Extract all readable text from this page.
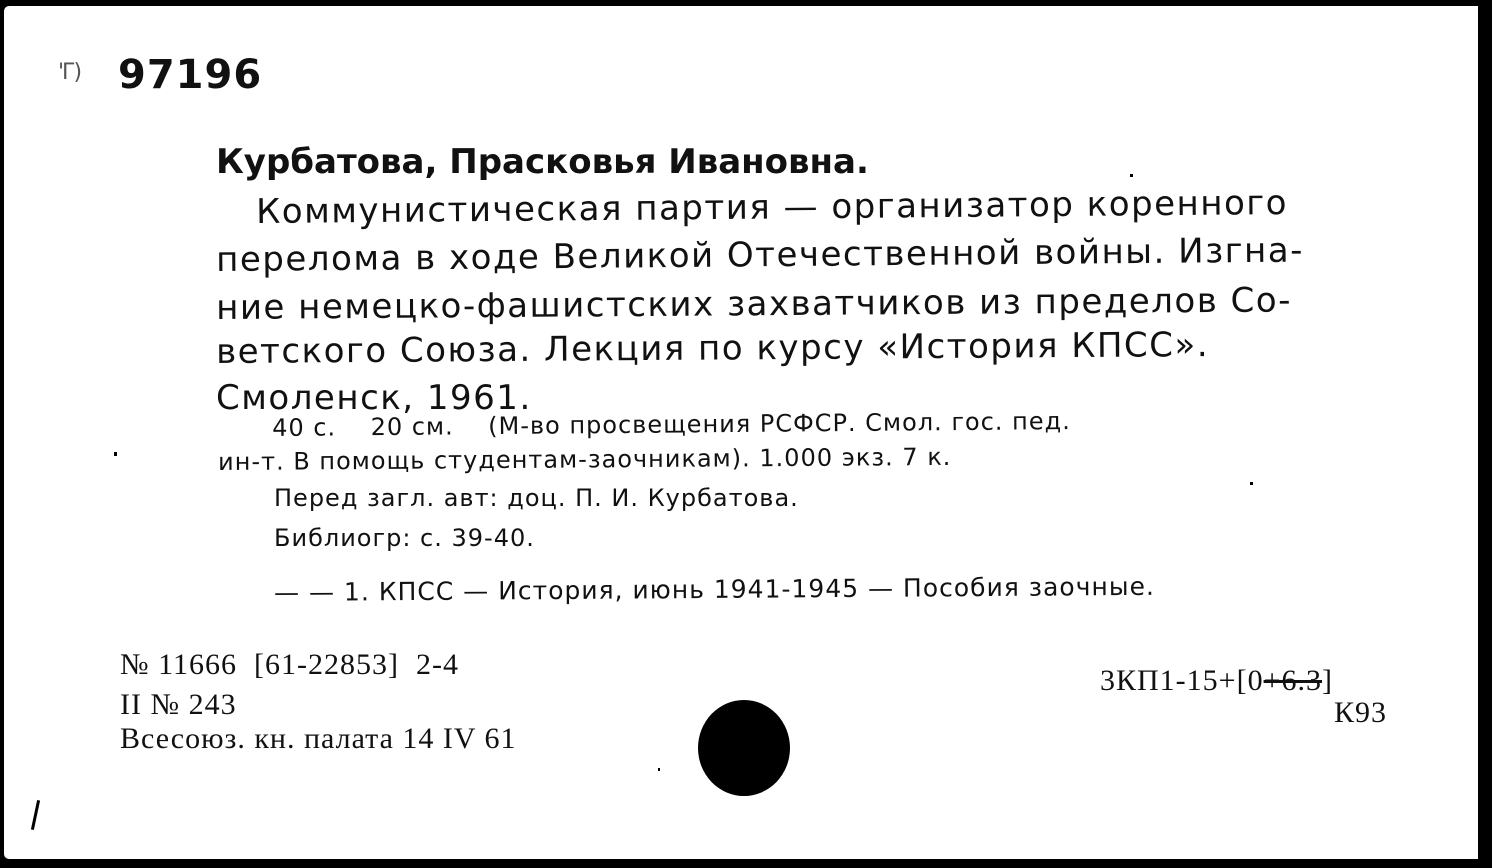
'Г) 97196
Курбатова, Прасковья Ивановна.
Коммунистическая партия — организатор коренного
перелома в ходе Великой Отечественной войны. Изгна-
ние немецко-фашистских захватчиков из пределов Со-
ветского Союза. Лекция по курсу «История КПСС».
Смоленск, 1961.
40 с.    20 см.    (М-во просвещения РСФСР. Смол. гос. пед.
ин-т. В помощь студентам-заочникам). 1.000 экз. 7 к.
Перед загл. авт: доц. П. И. Курбатова.
Библиогр: с. 39-40.
— — 1. КПСС — История, июнь 1941-1945 — Пособия заочные.
№ 11666  [61-22853]  2-4
II № 243
Всесоюз. кн. палата 14 IV 61
3КП1-15+[0+6.3]
К93
